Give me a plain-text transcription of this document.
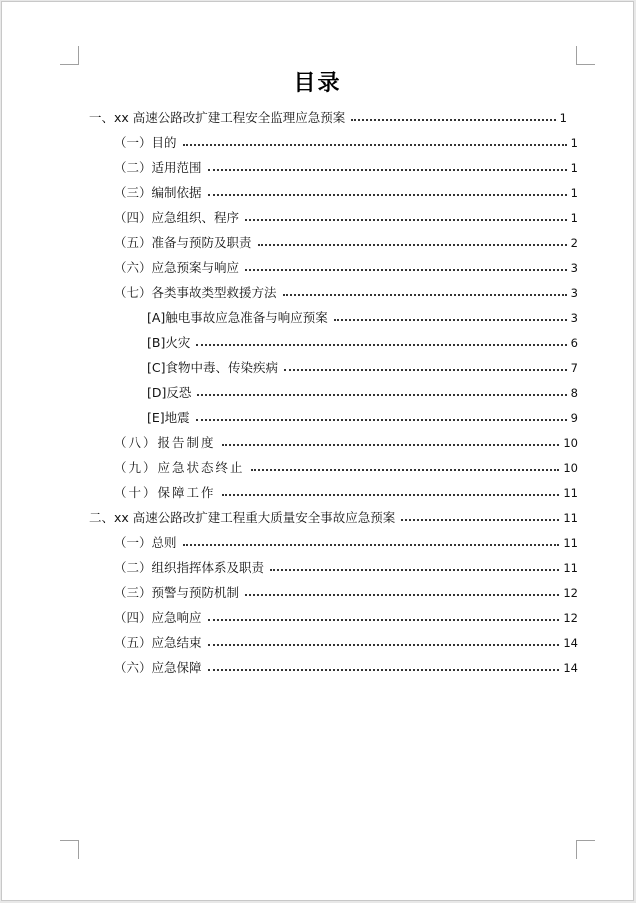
目录
一、xx 高速公路改扩建工程安全监理应急预案	1
（一）目的	1
（二）适用范围	1
（三）编制依据	1
（四）应急组织、程序	1
（五）准备与预防及职责	2
（六）应急预案与响应	3
（七）各类事故类型救援方法	3
[A]触电事故应急准备与响应预案	3
[B]火灾	6
[C]食物中毒、传染疾病	7
[D]反恐	8
[E]地震	9
（八）报告制度	10
（九）应急状态终止	10
（十）保障工作	11
二、xx 高速公路改扩建工程重大质量安全事故应急预案	11
（一）总则	11
（二）组织指挥体系及职责	11
（三）预警与预防机制	12
（四）应急响应	12
（五）应急结束	14
（六）应急保障	14
